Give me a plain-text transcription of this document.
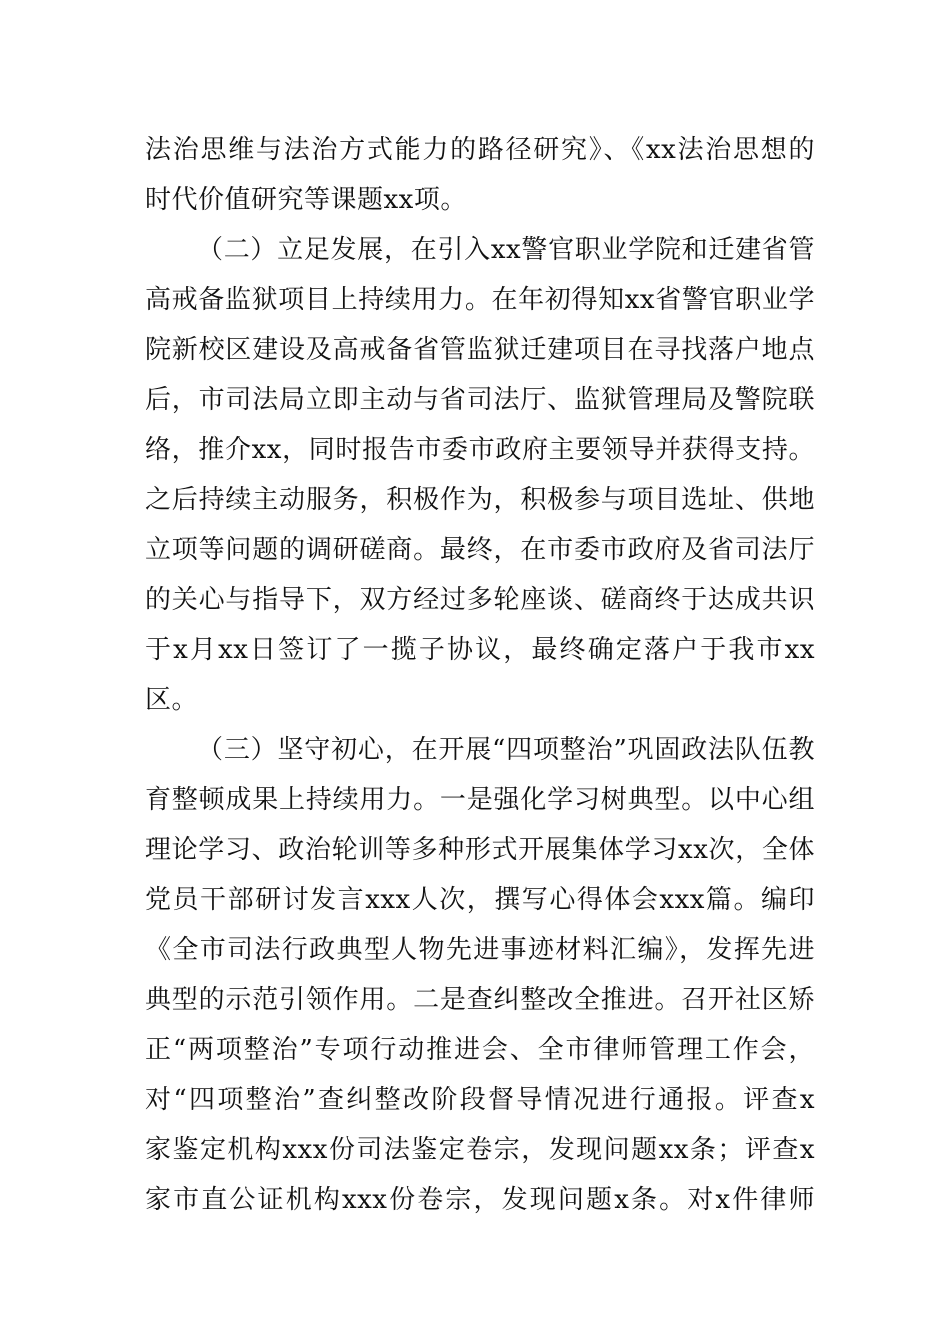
法治思维与法治方式能力的路径研究》、《xx法治思想的
时代价值研究等课题xx项。
（二）立足发展，在引入xx警官职业学院和迁建省管
高戒备监狱项目上持续用力。在年初得知xx省警官职业学
院新校区建设及高戒备省管监狱迁建项目在寻找落户地点
后，市司法局立即主动与省司法厅、监狱管理局及警院联
络，推介xx，同时报告市委市政府主要领导并获得支持。
之后持续主动服务，积极作为，积极参与项目选址、供地
立项等问题的调研磋商。最终，在市委市政府及省司法厅
的关心与指导下，双方经过多轮座谈、磋商终于达成共识
于x月xx日签订了一揽子协议，最终确定落户于我市xx
区。
（三）坚守初心，在开展“四项整治”巩固政法队伍教
育整顿成果上持续用力。一是强化学习树典型。以中心组
理论学习、政治轮训等多种形式开展集体学习xx次，全体
党员干部研讨发言xxx人次，撰写心得体会xxx篇。编印
《全市司法行政典型人物先进事迹材料汇编》，发挥先进
典型的示范引领作用。二是查纠整改全推进。召开社区矫
正“两项整治”专项行动推进会、全市律师管理工作会，
对“四项整治”查纠整改阶段督导情况进行通报。评查x
家鉴定机构xxx份司法鉴定卷宗，发现问题xx条；评查x
家市直公证机构xxx份卷宗，发现问题x条。对x件律师
